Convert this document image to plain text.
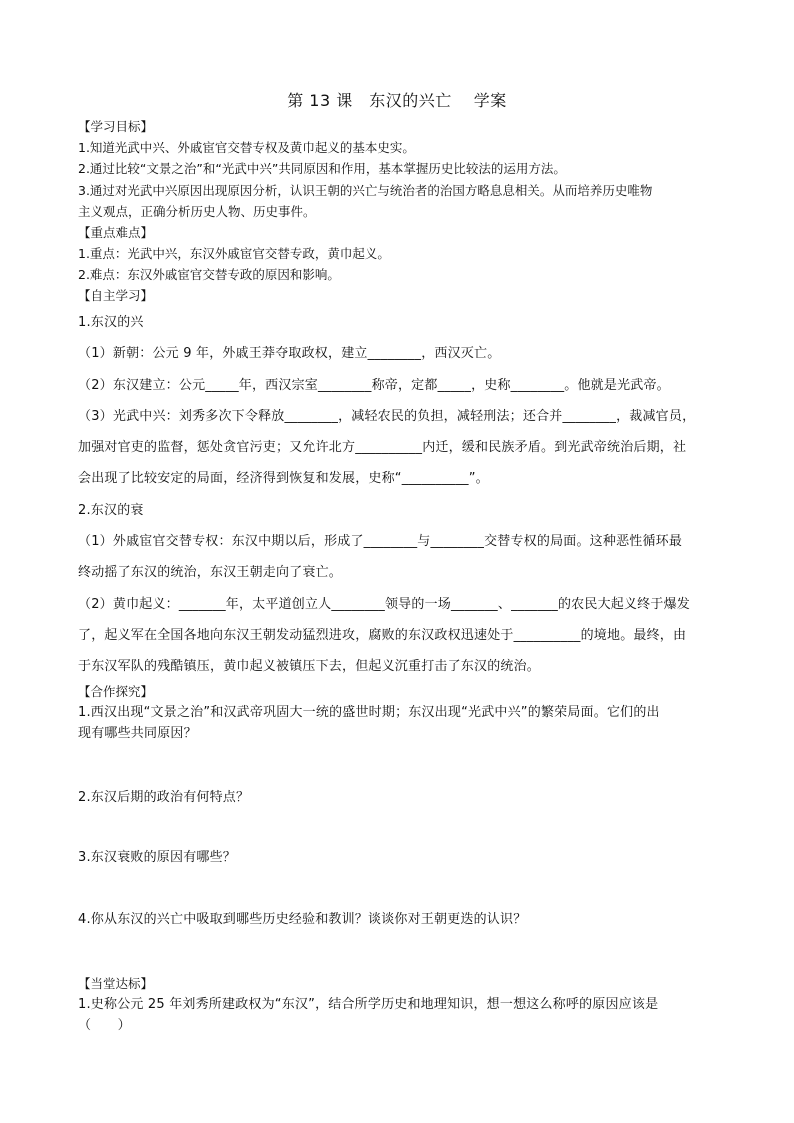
第 13 课　东汉的兴亡　 学案
【学习目标】
1.知道光武中兴、外戚宦官交替专权及黄巾起义的基本史实。
2.通过比较“文景之治”和“光武中兴”共同原因和作用，基本掌握历史比较法的运用方法。
3.通过对光武中兴原因出现原因分析，认识王朝的兴亡与统治者的治国方略息息相关。从而培养历史唯物
主义观点，正确分析历史人物、历史事件。
【重点难点】
1.重点：光武中兴，东汉外戚宦官交替专政，黄巾起义。
2.难点：东汉外戚宦官交替专政的原因和影响。
【自主学习】
1.东汉的兴
（1）新朝：公元 9 年，外戚王莽夺取政权，建立________，西汉灭亡。
（2）东汉建立：公元_____年，西汉宗室________称帝，定都_____，史称________。他就是光武帝。
（3）光武中兴：刘秀多次下令释放________，减轻农民的负担，减轻刑法；还合并________，裁减官员，
加强对官吏的监督，惩处贪官污吏；又允许北方__________内迁，缓和民族矛盾。到光武帝统治后期，社
会出现了比较安定的局面，经济得到恢复和发展，史称“__________”。
2.东汉的衰
（1）外戚宦官交替专权：东汉中期以后，形成了________与________交替专权的局面。这种恶性循环最
终动摇了东汉的统治，东汉王朝走向了衰亡。
（2）黄巾起义：_______年，太平道创立人________领导的一场_______、_______的农民大起义终于爆发
了，起义军在全国各地向东汉王朝发动猛烈进攻，腐败的东汉政权迅速处于__________的境地。最终，由
于东汉军队的残酷镇压，黄巾起义被镇压下去，但起义沉重打击了东汉的统治。
【合作探究】
1.西汉出现“文景之治”和汉武帝巩固大一统的盛世时期；东汉出现“光武中兴”的繁荣局面。它们的出
现有哪些共同原因？
2.东汉后期的政治有何特点？
3.东汉衰败的原因有哪些？
4.你从东汉的兴亡中吸取到哪些历史经验和教训？谈谈你对王朝更迭的认识？
【当堂达标】
1.史称公元 25 年刘秀所建政权为“东汉”，结合所学历史和地理知识，想一想这么称呼的原因应该是
（　　）
